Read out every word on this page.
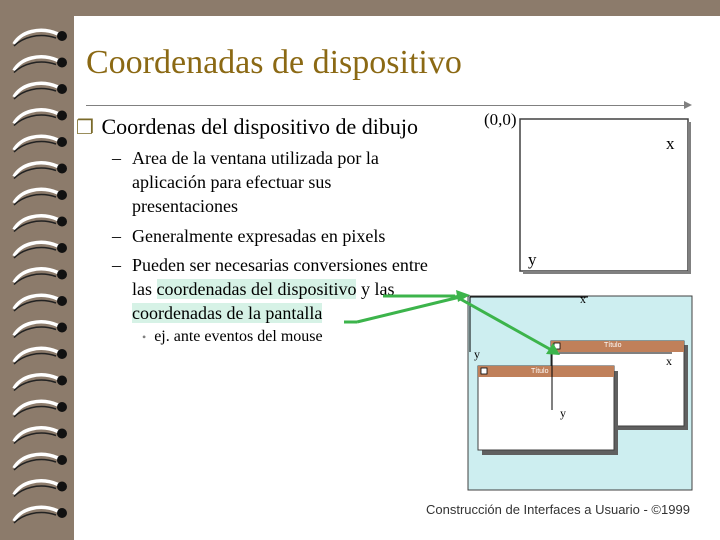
Coordenadas de dispositivo
❐ Coordenas del dispositivo de dibujo
– Area de la ventana utilizada por la
aplicación para efectuar sus
presentaciones
– Generalmente expresadas en pixels
– Pueden ser necesarias conversiones entre
las coordenadas del dispositivo y las
coordenadas de la pantalla
• ej. ante eventos del mouse
(0,0)
x
y
x
y
Título
Título
x
y
Construcción de Interfaces a Usuario - ©1999
